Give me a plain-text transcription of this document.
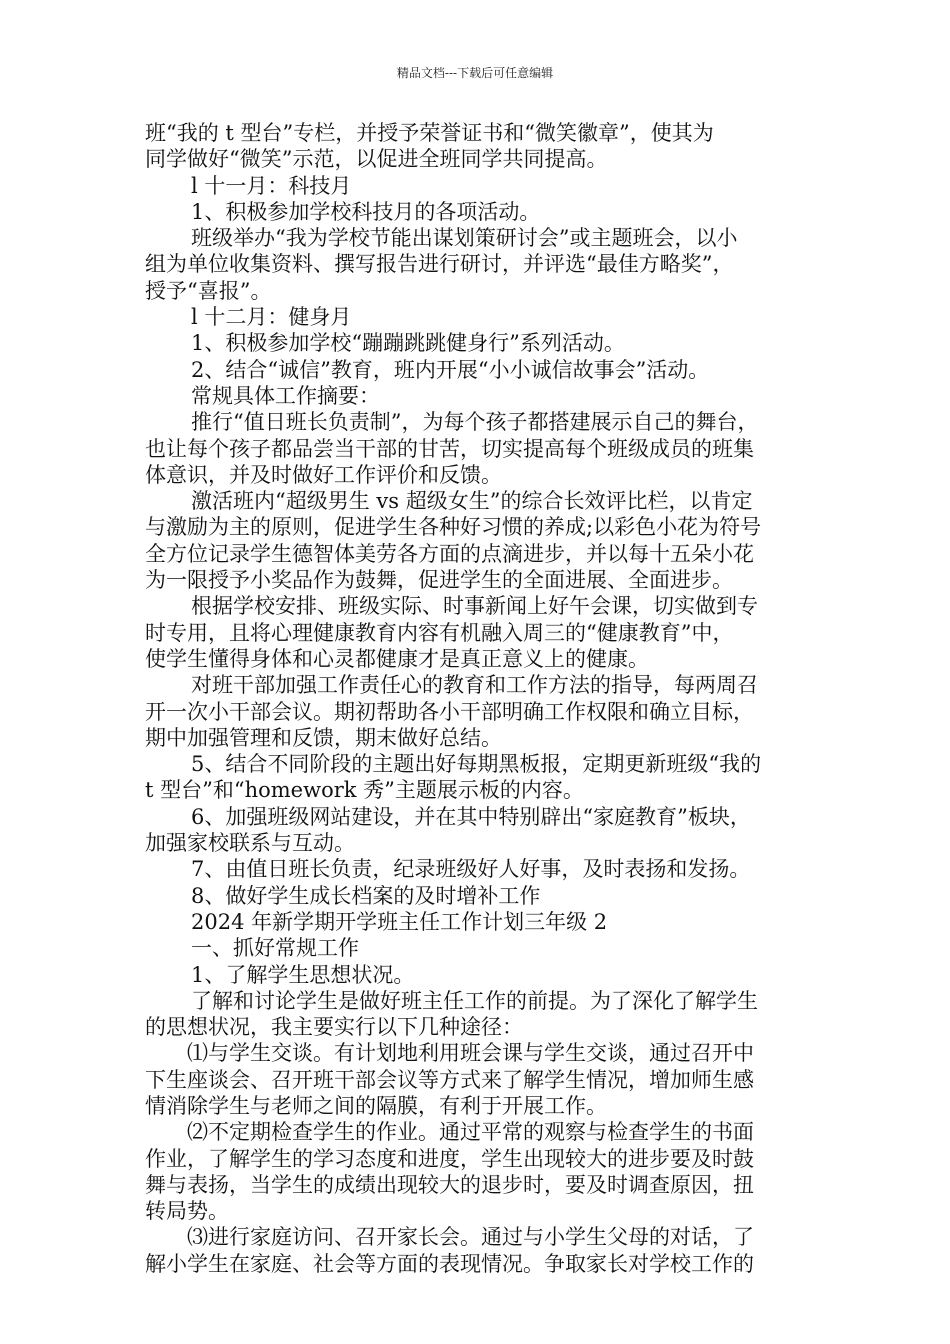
精品文档---下载后可任意编辑
班“我的 t 型台”专栏，并授予荣誉证书和“微笑徽章”，使其为
同学做好“微笑”示范，以促进全班同学共同提高。
l 十一月：科技月
1、积极参加学校科技月的各项活动。
班级举办“我为学校节能出谋划策研讨会”或主题班会，以小
组为单位收集资料、撰写报告进行研讨，并评选“最佳方略奖”，
授予“喜报”。
l 十二月：健身月
1、积极参加学校“蹦蹦跳跳健身行”系列活动。
2、结合“诚信”教育，班内开展“小小诚信故事会”活动。
常规具体工作摘要：
推行“值日班长负责制”，为每个孩子都搭建展示自己的舞台，
也让每个孩子都品尝当干部的甘苦，切实提高每个班级成员的班集
体意识，并及时做好工作评价和反馈。
激活班内“超级男生 vs 超级女生”的综合长效评比栏，以肯定
与激励为主的原则，促进学生各种好习惯的养成;以彩色小花为符号
全方位记录学生德智体美劳各方面的点滴进步，并以每十五朵小花
为一限授予小奖品作为鼓舞，促进学生的全面进展、全面进步。
根据学校安排、班级实际、时事新闻上好午会课，切实做到专
时专用，且将心理健康教育内容有机融入周三的“健康教育”中，
使学生懂得身体和心灵都健康才是真正意义上的健康。
对班干部加强工作责任心的教育和工作方法的指导，每两周召
开一次小干部会议。期初帮助各小干部明确工作权限和确立目标，
期中加强管理和反馈，期末做好总结。
5、结合不同阶段的主题出好每期黑板报，定期更新班级“我的
t 型台”和“homework 秀”主题展示板的内容。
6、加强班级网站建设，并在其中特别辟出“家庭教育”板块，
加强家校联系与互动。
7、由值日班长负责，纪录班级好人好事，及时表扬和发扬。
8、做好学生成长档案的及时增补工作
2024 年新学期开学班主任工作计划三年级 2
一、抓好常规工作
1、了解学生思想状况。
了解和讨论学生是做好班主任工作的前提。为了深化了解学生
的思想状况，我主要实行以下几种途径：
⑴与学生交谈。有计划地利用班会课与学生交谈，通过召开中
下生座谈会、召开班干部会议等方式来了解学生情况，增加师生感
情消除学生与老师之间的隔膜，有利于开展工作。
⑵不定期检查学生的作业。通过平常的观察与检查学生的书面
作业，了解学生的学习态度和进度，学生出现较大的进步要及时鼓
舞与表扬，当学生的成绩出现较大的退步时，要及时调查原因，扭
转局势。
⑶进行家庭访问、召开家长会。通过与小学生父母的对话，了
解小学生在家庭、社会等方面的表现情况。争取家长对学校工作的
